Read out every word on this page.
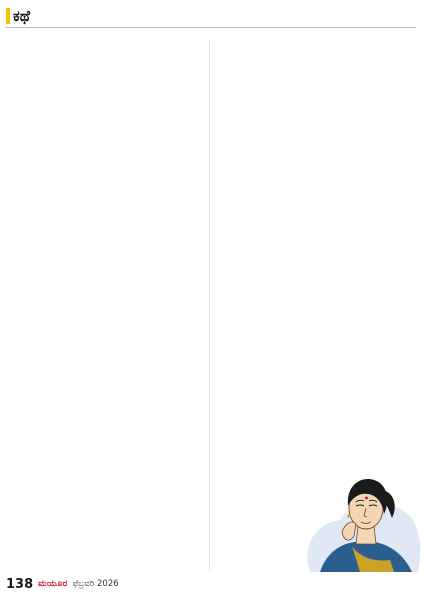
ಕಥೆ
138 ಮಯೂರ ಫೆಬ್ರವರಿ 2026
